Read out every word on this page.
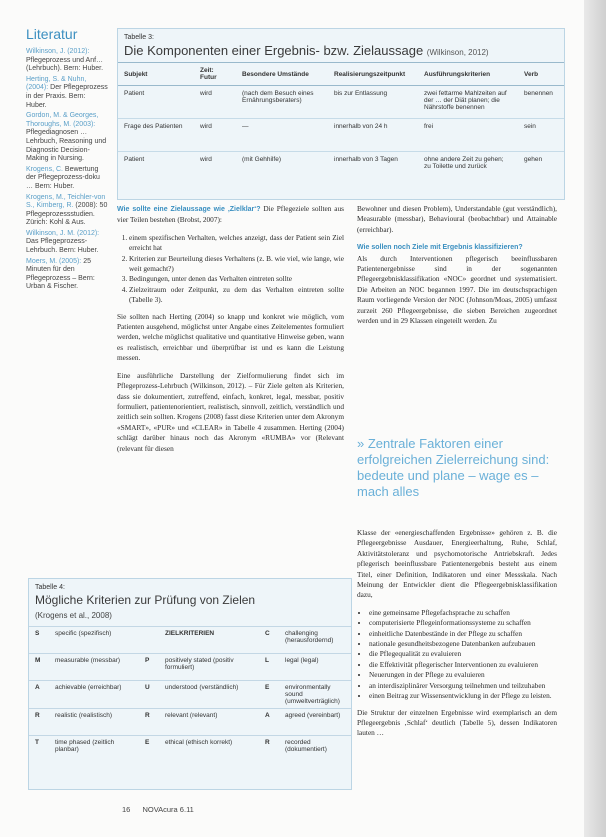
Literatur
Wilkinson, J. (2012): Pflegeprozess und Anf… (Lehrbuch). Bern: Huber.
Herting, S. & Nuhn, (2004): Der Pflegeprozess in der Praxis. Bern: Huber.
Gordon, M. & Georges, Thoroughs, M. (2003): Pflegediagnosen … Lehrbuch, Reasoning und Diagnostic Decision-Making in Nursing.
Krogens, C. Bewertung der Pflegeprozess-doku … Bern: Huber.
Krogens, M., Teichler-von S., Kimberg, R. (2008): 50 Pflegeprozessstudien. Zürich: Kohl & Aus.
Wilkinson, J. M. (2012): Das Pflegeprozess-Lehrbuch. Bern: Huber.
Moers, M. (2005): 25 Minuten für den Pflegeprozess – Bern: Urban & Fischer.
Tabelle 3:
Die Komponenten einer Ergebnis- bzw. Zielaussage (Wilkinson, 2012)
Subjekt	Zeit: Futur	Besondere Umstände	Realisierungszeitpunkt	Ausführungskriterien	Verb
Patient	wird	(nach dem Besuch eines Ernährungsberaters)	bis zur Entlassung	zwei fettarme Mahlzeiten auf der … der Diät planen; die Nährstoffe benennen	benennen
Frage des Patienten	wird	—	innerhalb von 24 h	frei	sein
Patient	wird	(mit Gehhilfe)	innerhalb von 3 Tagen	ohne andere Zeit zu gehen; zu Toilette und zurück	gehen

Wie sollte eine Zielaussage wie ‚Zielklar‘? Die Pflegeziele sollten aus vier Teilen bestehen (Brobst, 2007):

1. einem spezifischen Verhalten, welches anzeigt, dass der Patient sein Ziel erreicht hat
2. Kriterien zur Beurteilung dieses Verhaltens (z. B. wie viel, wie lange, wie weit gemacht?)
3. Bedingungen, unter denen das Verhalten eintreten sollte
4. Zielzeitraum oder Zeitpunkt, zu dem das Verhalten eintreten sollte (Tabelle 3).

Sie sollten nach Herting (2004) so knapp und konkret wie möglich, vom Patienten ausgehend, möglichst unter Angabe eines Zeitelementes formuliert werden, welche möglichst qualitative und quantitative Hinweise geben, wann es realistisch, erreichbar und überprüfbar ist und es kann die Leistung messen.

Eine ausführliche Darstellung der Zielformulierung findet sich im Pflegeprozess-Lehrbuch (Wilkinson, 2012). – Für Ziele gelten als Kriterien, dass sie dokumentiert, zutreffend, einfach, konkret, legal, messbar, positiv formuliert, patientenorientiert, realistisch, sinnvoll, zeitlich, verständlich und zeitlich sein sollten. Krogens (2008) fasst diese Kriterien unter dem Akronym «SMART», «PUR» und «CLEAR» in Tabelle 4 zusammen. Herting (2004) schlägt darüber hinaus noch das Akronym «RUMBA» vor (Relevant (relevant für diesen

Bewohner und diesen Problem), Understandable (gut verständlich), Measurable (messbar), Behavioural (beobachtbar) und Attainable (erreichbar).

Wie sollen noch Ziele mit Ergebnis klassifizieren?
Als durch Interventionen pflegerisch beeinflussbaren Patientenergebnisse sind in der sogenannten Pflegeergebnisklassifikation «NOC» geordnet und systematisiert. Die Arbeiten an NOC begannen 1997. Die im deutschsprachigen Raum vorliegende Version der NOC (Johnson/Moas, 2005) umfasst zurzeit 260 Pflegeergebnisse, die sieben Bereichen zugeordnet werden und in 29 Klassen eingeteilt werden. Zu

» Zentrale Faktoren einer erfolgreichen Zielerreichung sind: bedeute und plane – wage es – mach alles

Klasse der «energieschaffenden Ergebnisse» gehören z. B. die Pflegeergebnisse Ausdauer, Energieerhaltung, Ruhe, Schlaf, Aktivitätstoleranz und psychomotorische Antriebskraft. Jedes pflegerisch beeinflussbare Patientenergebnis besteht aus einem Titel, einer Definition, Indikatoren und einer Messskala. Nach Meinung der Entwickler dient die Pflegeergebnisklassifikation dazu,

• eine gemeinsame Pflegefachsprache zu schaffen
• computerisierte Pflegeinformationssysteme zu schaffen
• einheitliche Datenbestände in der Pflege zu schaffen
• nationale gesundheitsbezogene Datenbanken aufzubauen
• die Pflegequalität zu evaluieren
• die Effektivität pflegerischer Interventionen zu evaluieren
• Neuerungen in der Pflege zu evaluieren
• an interdisziplinärer Versorgung teilnehmen und teilzuhaben
• einen Beitrag zur Wissensentwicklung in der Pflege zu leisten.

Die Struktur der einzelnen Ergebnisse wird exemplarisch an dem Pflegeergebnis ‚Schlaf‘ deutlich (Tabelle 5), dessen Indikatoren lauten …

Tabelle 4:
Mögliche Kriterien zur Prüfung von Zielen
(Krogens et al., 2008)
S	specific (spezifisch)		ZIELKRITERIEN	C	challenging (herausfordernd)
M	measurable (messbar)	P	positively stated (positiv formuliert)	L	legal (legal)
A	achievable (erreichbar)	U	understood (verständlich)	E	environmentally sound (umweltverträglich)
R	realistic (realistisch)	R	relevant (relevant)	A	agreed (vereinbart)
T	time phased (zeitlich planbar)	E	ethical (ethisch korrekt)	R	recorded (dokumentiert)
16 NOVAcura 6.11
